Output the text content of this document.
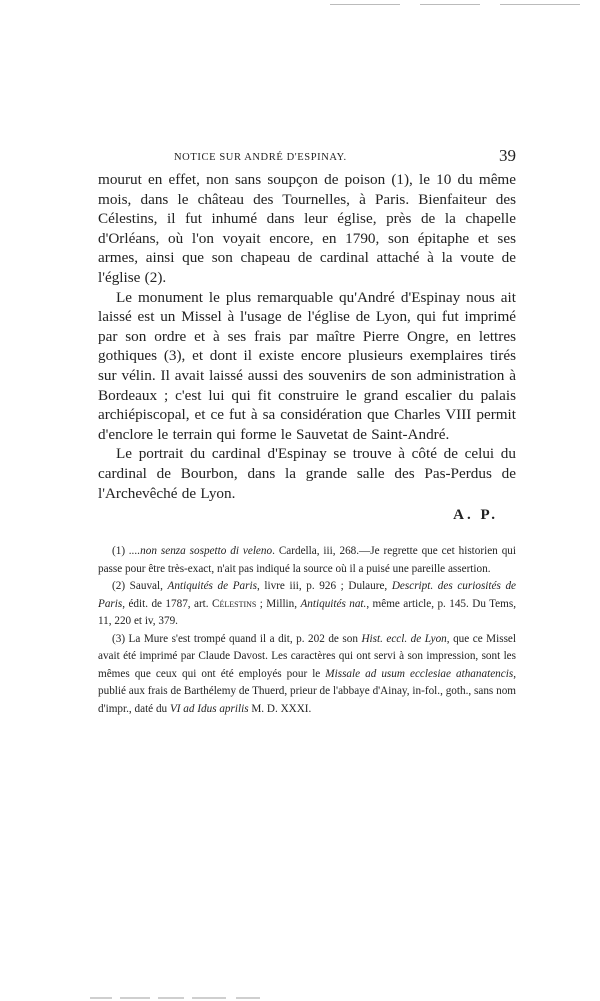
NOTICE SUR ANDRÉ D'ESPINAY.	39

mourut en effet, non sans soupçon de poison (1), le 10 du même mois, dans le château des Tournelles, à Paris. Bienfaiteur des Célestins, il fut inhumé dans leur église, près de la chapelle d'Orléans, où l'on voyait encore, en 1790, son épitaphe et ses armes, ainsi que son chapeau de cardinal attaché à la voute de l'église (2).

Le monument le plus remarquable qu'André d'Espinay nous ait laissé est un Missel à l'usage de l'église de Lyon, qui fut imprimé par son ordre et à ses frais par maître Pierre Ongre, en lettres gothiques (3), et dont il existe encore plusieurs exemplaires tirés sur vélin. Il avait laissé aussi des souvenirs de son administration à Bordeaux ; c'est lui qui fit construire le grand escalier du palais archiépiscopal, et ce fut à sa considération que Charles VIII permit d'enclore le terrain qui forme le Sauvetat de Saint-André.

Le portrait du cardinal d'Espinay se trouve à côté de celui du cardinal de Bourbon, dans la grande salle des Pas-Perdus de l'Archevêché de Lyon.

A. P.

(1) ....non senza sospetto di veleno. Cardella, iii, 268.—Je regrette que cet historien qui passe pour être très-exact, n'ait pas indiqué la source où il a puisé une pareille assertion.

(2) Sauval, Antiquités de Paris, livre iii, p. 926 ; Dulaure, Descript. des curiosités de Paris, édit. de 1787, art. Célestins ; Millin, Antiquités nat., même article, p. 145. Du Tems, 11, 220 et iv, 379.

(3) La Mure s'est trompé quand il a dit, p. 202 de son Hist. eccl. de Lyon, que ce Missel avait été imprimé par Claude Davost. Les caractères qui ont servi à son impression, sont les mêmes que ceux qui ont été employés pour le Missale ad usum ecclesiae athanatencis, publié aux frais de Barthélemy de Thuerd, prieur de l'abbaye d'Ainay, in-fol., goth., sans nom d'impr., daté du VI ad Idus aprilis M. D. XXXI.
